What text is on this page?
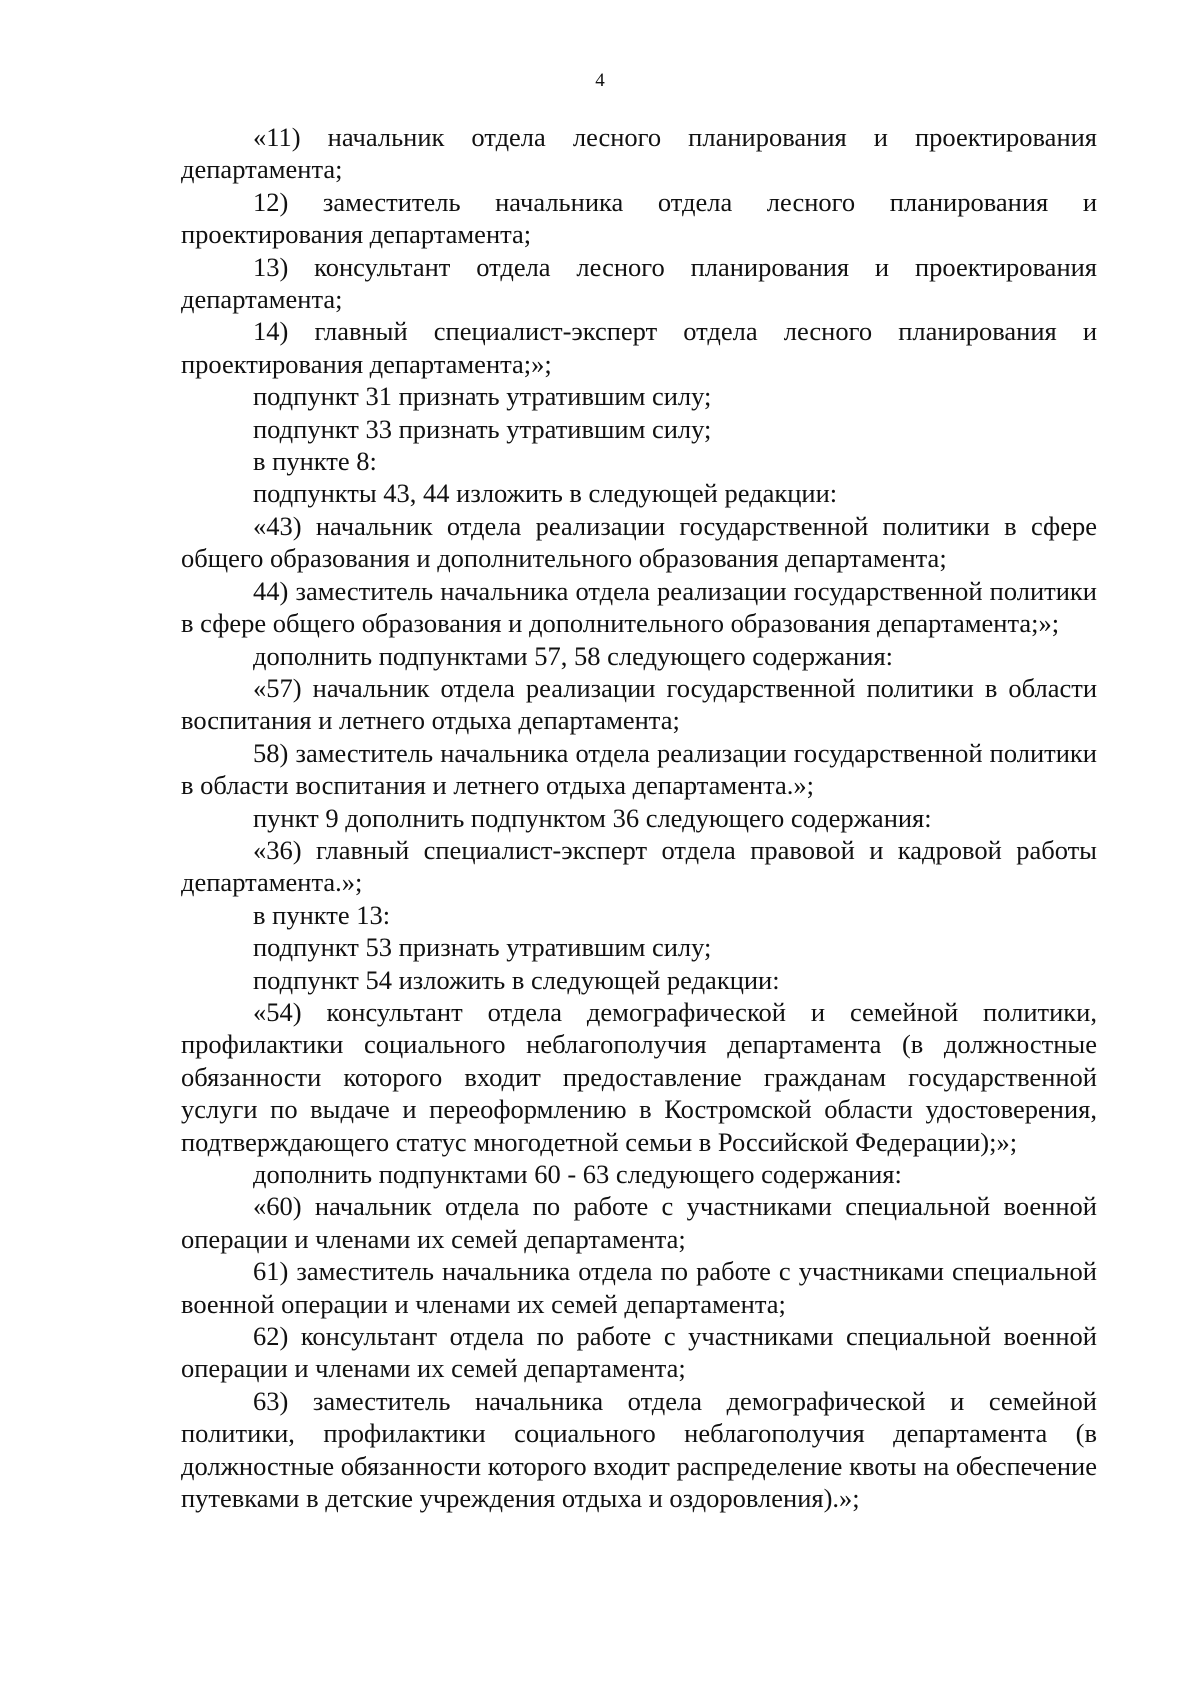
4

«11) начальник отдела лесного планирования и проектирования департамента;

12) заместитель начальника отдела лесного планирования и проектирования департамента;

13) консультант отдела лесного планирования и проектирования департамента;

14) главный специалист-эксперт отдела лесного планирования и проектирования департамента;»;

подпункт 31 признать утратившим силу;

подпункт 33 признать утратившим силу;

в пункте 8:

подпункты 43, 44 изложить в следующей редакции:

«43) начальник отдела реализации государственной политики в сфере общего образования и дополнительного образования департамента;

44) заместитель начальника отдела реализации государственной политики в сфере общего образования и дополнительного образования департамента;»;

дополнить подпунктами 57, 58 следующего содержания:

«57) начальник отдела реализации государственной политики в области воспитания и летнего отдыха департамента;

58) заместитель начальника отдела реализации государственной политики в области воспитания и летнего отдыха департамента.»;

пункт 9 дополнить подпунктом 36 следующего содержания:

«36) главный специалист-эксперт отдела правовой и кадровой работы департамента.»;

в пункте 13:

подпункт 53 признать утратившим силу;

подпункт 54 изложить в следующей редакции:

«54) консультант отдела демографической и семейной политики, профилактики социального неблагополучия департамента (в должностные обязанности которого входит предоставление гражданам государственной услуги по выдаче и переоформлению в Костромской области удостоверения, подтверждающего статус многодетной семьи в Российской Федерации);»;

дополнить подпунктами 60 - 63 следующего содержания:

«60) начальник отдела по работе с участниками специальной военной операции и членами их семей департамента;

61) заместитель начальника отдела по работе с участниками специальной военной операции и членами их семей департамента;

62) консультант отдела по работе с участниками специальной военной операции и членами их семей департамента;

63) заместитель начальника отдела демографической и семейной политики, профилактики социального неблагополучия департамента (в должностные обязанности которого входит распределение квоты на обеспечение путевками в детские учреждения отдыха и оздоровления).»;
